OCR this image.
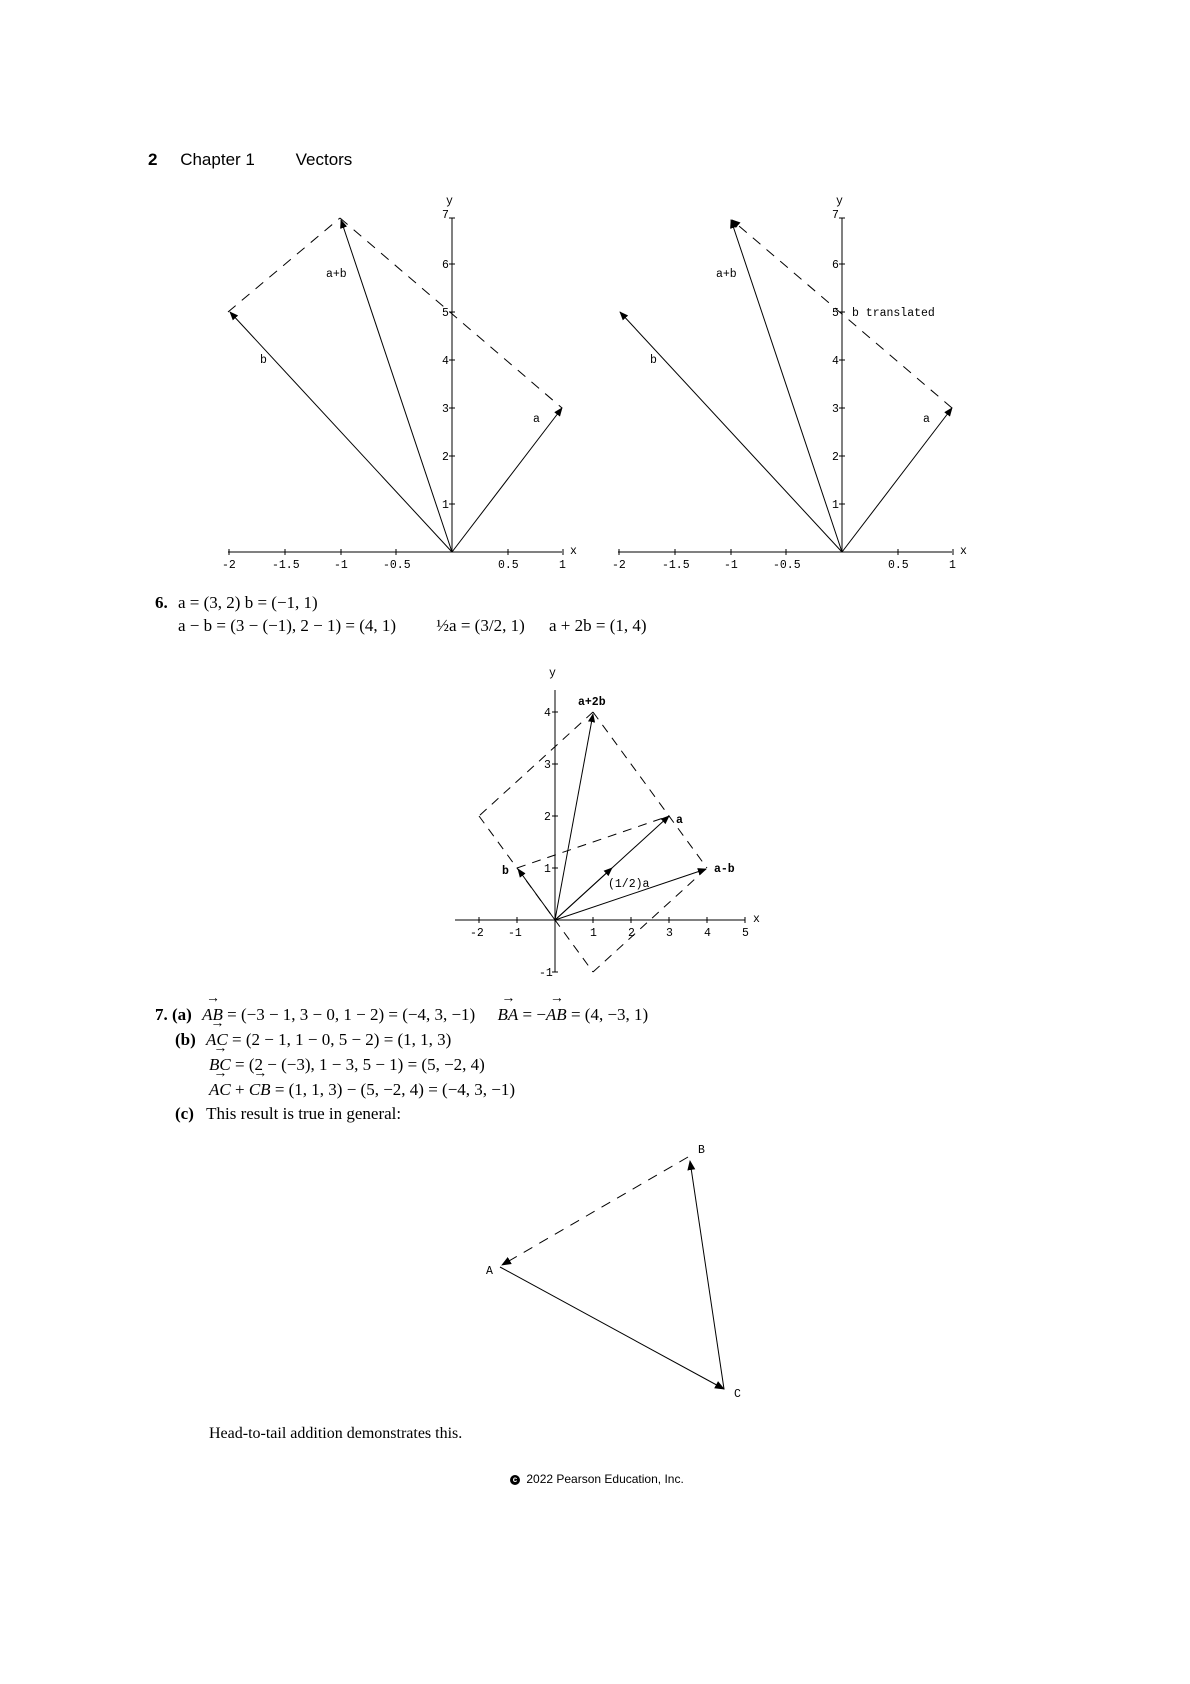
2 Chapter 1 Vectors
x
y
-2	-1.5	-1	-0.5	0.5	1
1
2
3
4
5
6
7
a
b
a+b
x
y
-2	-1.5	-1	-0.5	0.5	1
1
2
3
4
5
6
7
a
b
a+b
b translated
6. a = (3, 2) b = (−1, 1)
a − b = (3 − (−1), 2 − 1) = (4, 1) ½a = (3/2, 1) a + 2b = (1, 4)
x
y
-2 -1	1	2	3	4	5
-1
1
2
3
4
a
b
(1/2)a
a-b
a+2b
7. (a) → AB = (−3 − 1, 3 − 0, 1 − 2) = (−4, 3, −1) → BA = −→ AB = (4, −3, 1)
(b) → AC = (2 − 1, 1 − 0, 5 − 2) = (1, 1, 3)
→ BC = (2 − (−3), 1 − 3, 5 − 1) = (5, −2, 4)
→ AC + → CB = (1, 1, 3) − (5, −2, 4) = (−4, 3, −1)
(c) This result is true in general:
A
B
C
Head-to-tail addition demonstrates this.
c 2022 Pearson Education, Inc.
